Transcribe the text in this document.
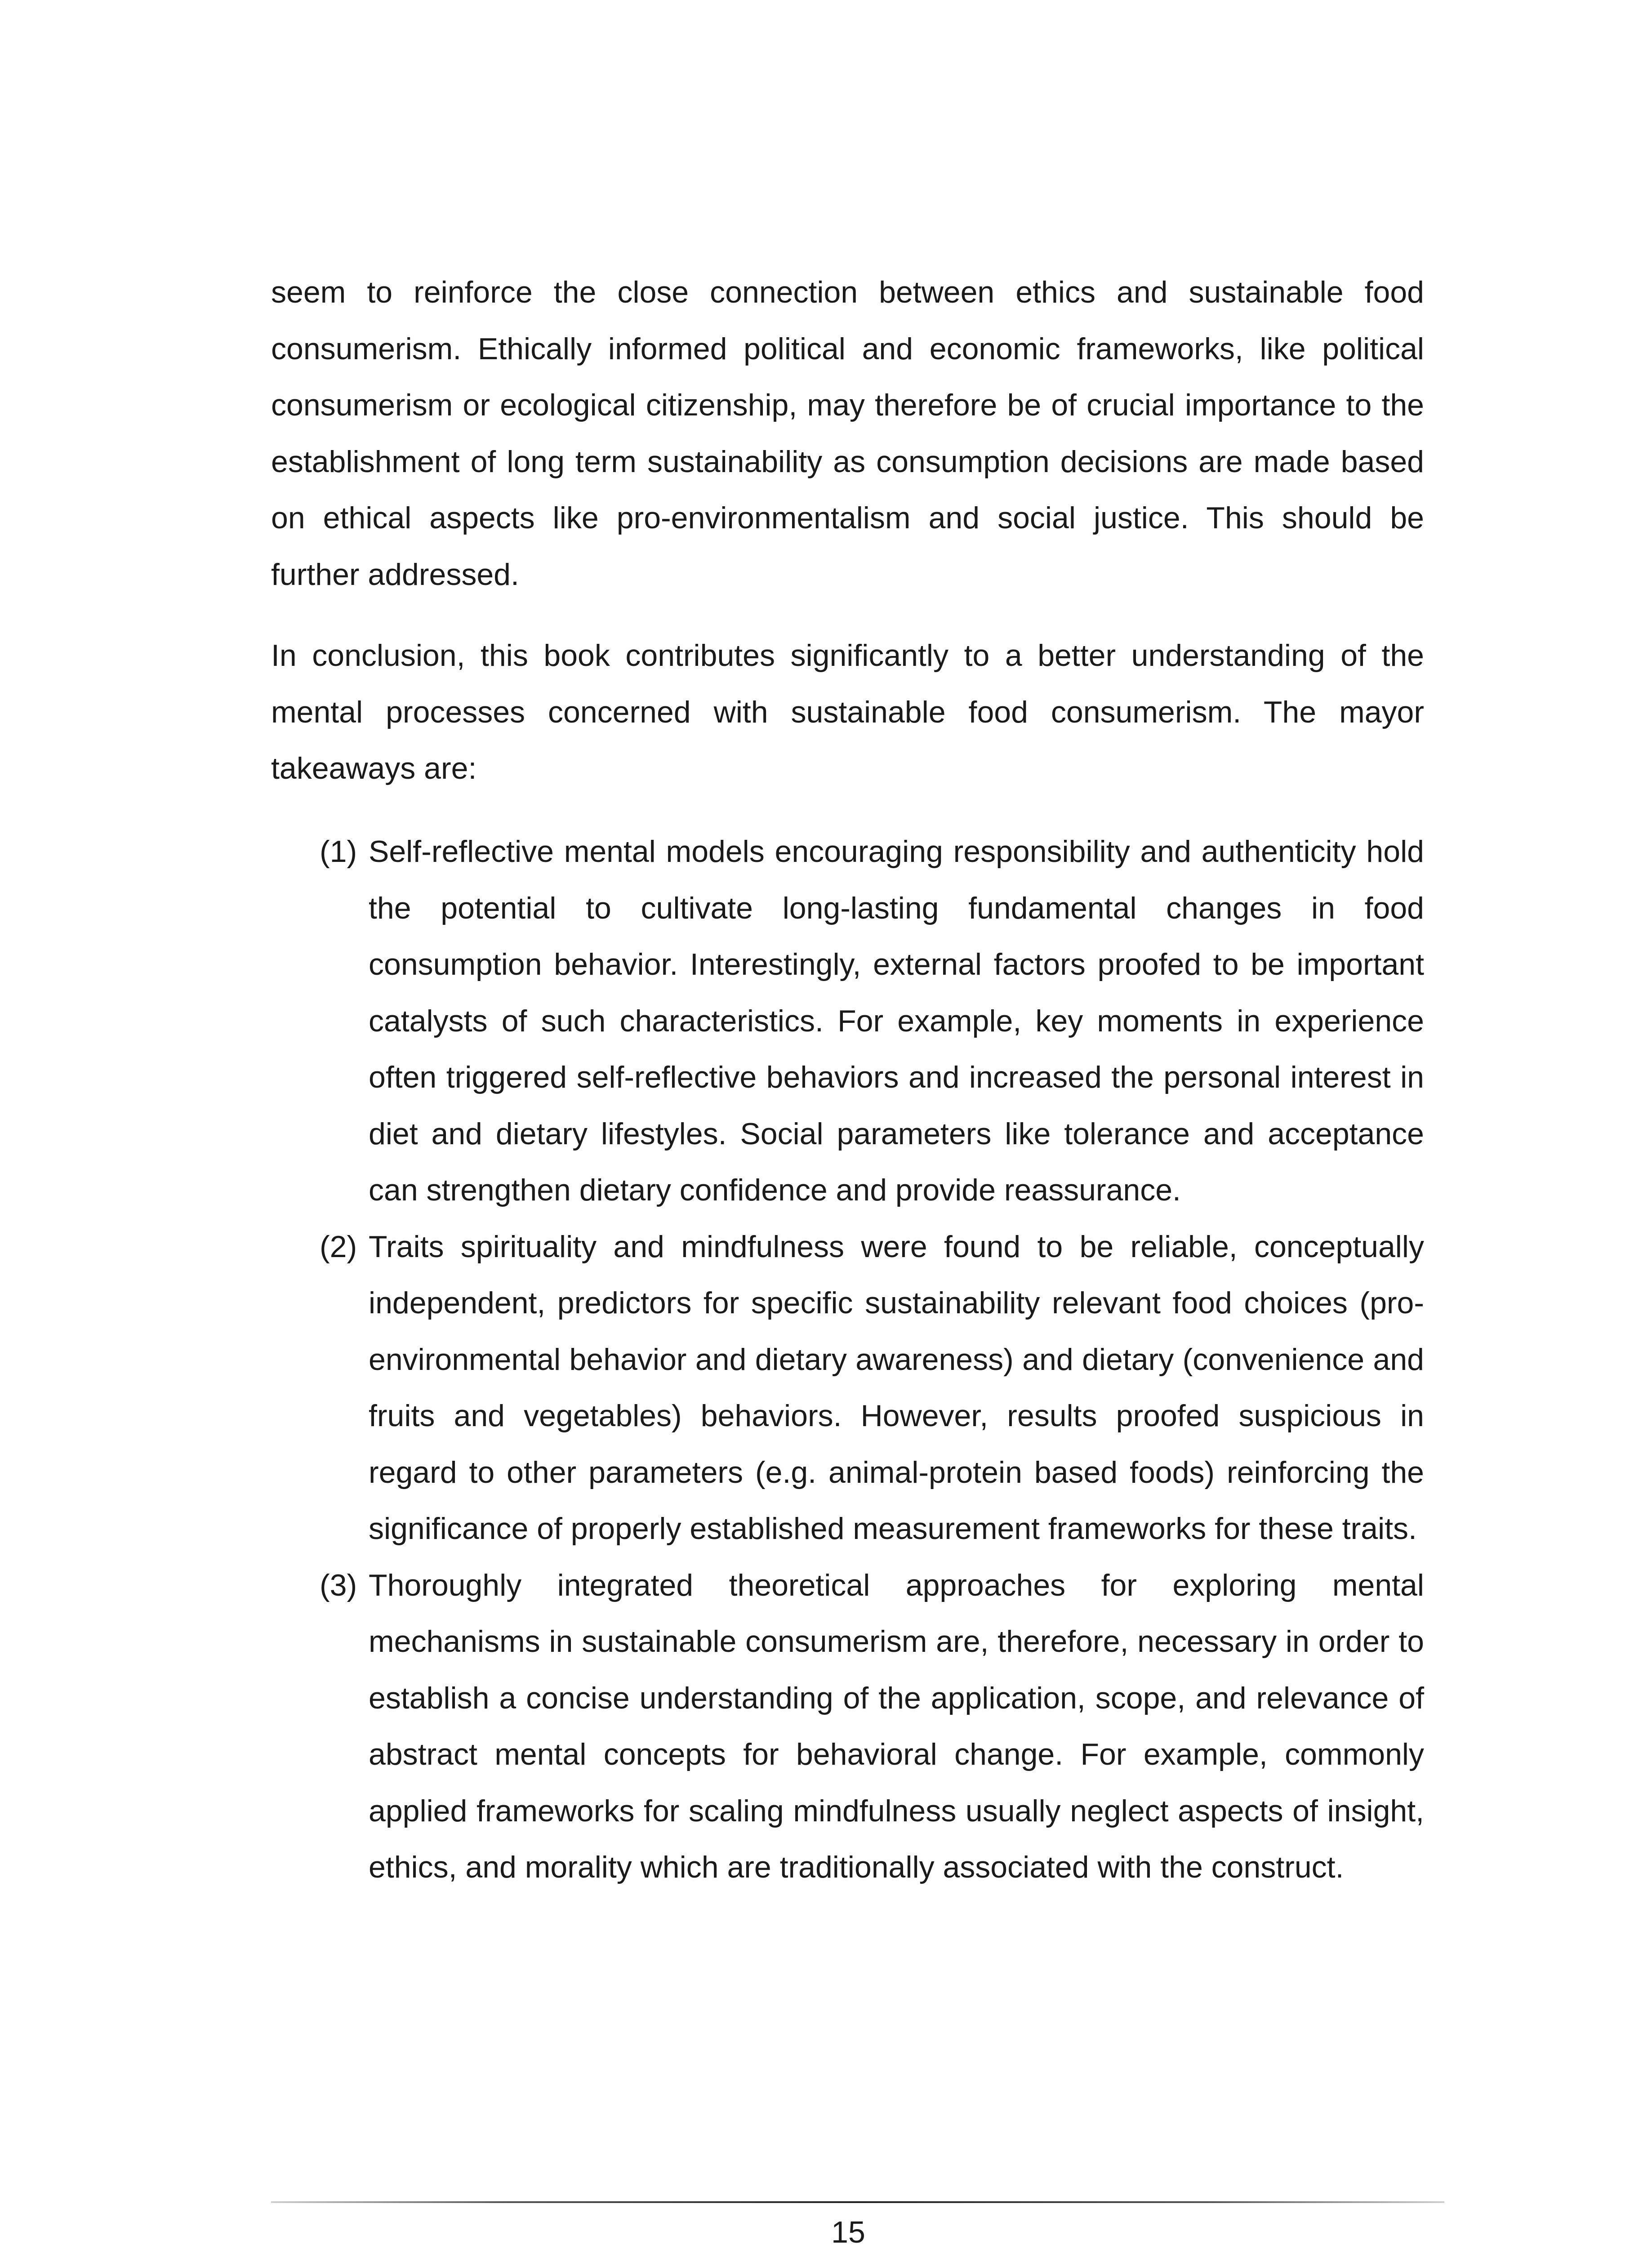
seem to reinforce the close connection between ethics and sustainable food consumerism. Ethically informed political and economic frameworks, like political consumerism or ecological citizenship, may therefore be of crucial importance to the establishment of long term sustainability as consumption decisions are made based on ethical aspects like pro-environmentalism and social justice. This should be further addressed.

In conclusion, this book contributes significantly to a better understanding of the mental processes concerned with sustainable food consumerism. The mayor takeaways are:

(1) Self-reflective mental models encouraging responsibility and authenticity hold the potential to cultivate long-lasting fundamental changes in food consumption behavior. Interestingly, external factors proofed to be important catalysts of such characteristics. For example, key moments in experience often triggered self-reflective behaviors and increased the personal interest in diet and dietary lifestyles. Social parameters like tolerance and acceptance can strengthen dietary confidence and provide reassurance.
(2) Traits spirituality and mindfulness were found to be reliable, conceptually independent, predictors for specific sustainability relevant food choices (pro-environmental behavior and dietary awareness) and dietary (convenience and fruits and vegetables) behaviors. However, results proofed suspicious in regard to other parameters (e.g. animal-protein based foods) reinforcing the significance of properly established measurement frameworks for these traits.
(3) Thoroughly integrated theoretical approaches for exploring mental mechanisms in sustainable consumerism are, therefore, necessary in order to establish a concise understanding of the application, scope, and relevance of abstract mental concepts for behavioral change. For example, commonly applied frameworks for scaling mindfulness usually neglect aspects of insight, ethics, and morality which are traditionally associated with the construct.
15
